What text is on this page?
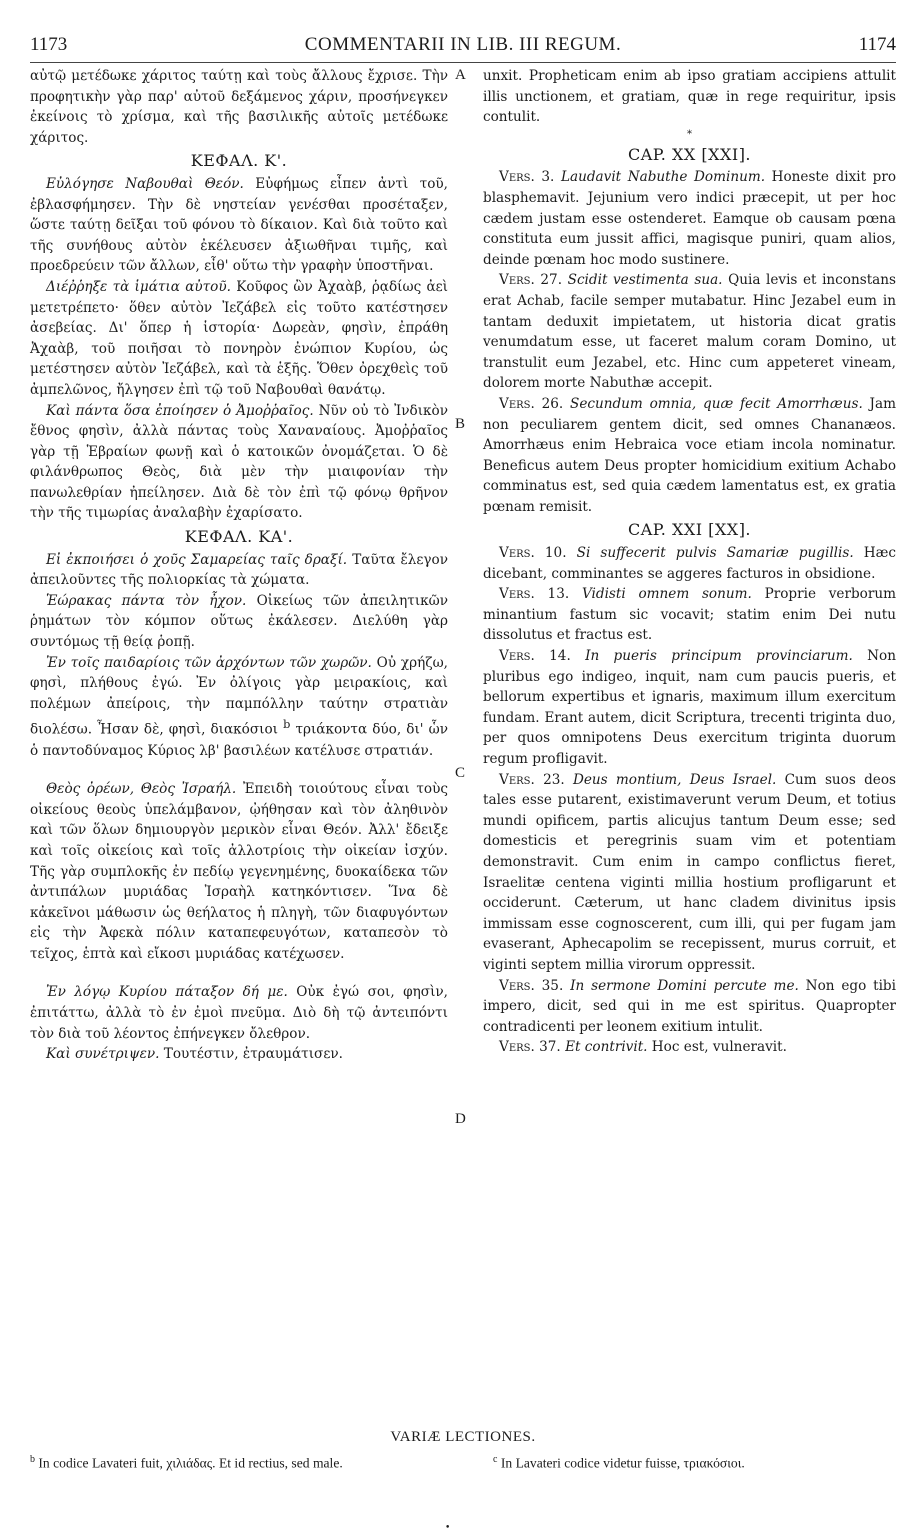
1173	COMMENTARII IN LIB. III REGUM.	1174

αὐτῷ μετέδωκε χάριτος ταύτῃ καὶ τοὺς ἄλλους ἔχρισε. Τὴν προφητικὴν γὰρ παρ' αὐτοῦ δεξάμενος χάριν, προσήνεγκεν ἐκείνοις τὸ χρίσμα, καὶ τῆς βασιλικῆς αὐτοῖς μετέδωκε χάριτος.

ΚΕΦΑΛ. Κ'.

Εὐλόγησε Ναβουθαὶ Θεόν. Εὐφήμως εἶπεν ἀντὶ τοῦ, ἐβλασφήμησεν. Τὴν δὲ νηστείαν γενέσθαι προσέταξεν, ὥστε ταύτῃ δεῖξαι τοῦ φόνου τὸ δίκαιον. Καὶ διὰ τοῦτο καὶ τῆς συνήθους αὐτὸν ἐκέλευσεν ἀξιωθῆναι τιμῆς, καὶ προεδρεύειν τῶν ἄλλων, εἶθ' οὕτω τὴν γραφὴν ὑποστῆναι.

Διέῤῥηξε τὰ ἱμάτια αὐτοῦ. Κοῦφος ὢν Ἀχαὰβ, ῥᾳδίως ἀεὶ μετετρέπετο· ὅθεν αὐτὸν Ἰεζάβελ εἰς τοῦτο κατέστησεν ἀσεβείας. Δι' ὅπερ ἡ ἱστορία· Δωρεὰν, φησὶν, ἐπράθη Ἀχαὰβ, τοῦ ποιῆσαι τὸ πονηρὸν ἐνώπιον Κυρίου, ὡς μετέστησεν αὐτὸν Ἰεζάβελ, καὶ τὰ ἑξῆς. Ὅθεν ὀρεχθεὶς τοῦ ἀμπελῶνος, ἤλγησεν ἐπὶ τῷ τοῦ Ναβουθαὶ θανάτῳ.

Καὶ πάντα ὅσα ἐποίησεν ὁ Ἀμοῤῥαῖος. Νῦν οὐ τὸ Ἰνδικὸν ἔθνος φησὶν, ἀλλὰ πάντας τοὺς Χαναναίους. Ἀμοῤῥαῖος γὰρ τῇ Ἑβραίων φωνῇ καὶ ὁ κατοικῶν ὀνομάζεται. Ὁ δὲ φιλάνθρωπος Θεὸς, διὰ μὲν τὴν μιαιφονίαν τὴν πανωλεθρίαν ἠπείλησεν. Διὰ δὲ τὸν ἐπὶ τῷ φόνῳ θρῆνον τὴν τῆς τιμωρίας ἀναλαβὴν ἐχαρίσατο.

ΚΕΦΑΛ. ΚΑ'.

Εἰ ἐκποιήσει ὁ χοῦς Σαμαρείας ταῖς δραξί. Ταῦτα ἔλεγον ἀπειλοῦντες τῆς πολιορκίας τὰ χώματα.

Ἑώρακας πάντα τὸν ἦχον. Οἰκείως τῶν ἀπειλητικῶν ῥημάτων τὸν κόμπον οὕτως ἐκάλεσεν. Διελύθη γὰρ συντόμως τῇ θείᾳ ῥοπῇ.

Ἐν τοῖς παιδαρίοις τῶν ἀρχόντων τῶν χωρῶν. Οὐ χρήζω, φησὶ, πλήθους ἐγώ. Ἐν ὀλίγοις γὰρ μειρακίοις, καὶ πολέμων ἀπείροις, τὴν παμπόλλην ταύτην στρατιὰν διολέσω. Ἦσαν δὲ, φησὶ, διακόσιοι $^b$ τριάκοντα δύο, δι' ὧν ὁ παντοδύναμος Κύριος λβ' βασιλέων κατέλυσε στρατιάν.

Θεὸς ὀρέων, Θεὸς Ἰσραήλ. Ἐπειδὴ τοιούτους εἶναι τοὺς οἰκείους θεοὺς ὑπελάμβανον, ᾠήθησαν καὶ τὸν ἀληθινὸν καὶ τῶν ὅλων δημιουργὸν μερικὸν εἶναι Θεόν. Ἀλλ' ἔδειξε καὶ τοῖς οἰκείοις καὶ τοῖς ἀλλοτρίοις τὴν οἰκείαν ἰσχύν. Τῆς γὰρ συμπλοκῆς ἐν πεδίῳ γεγενημένης, δυοκαίδεκα τῶν ἀντιπάλων μυριάδας Ἰσραὴλ κατηκόντισεν. Ἵνα δὲ κἀκεῖνοι μάθωσιν ὡς θεήλατος ἡ πληγὴ, τῶν διαφυγόντων εἰς τὴν Ἀφεκὰ πόλιν καταπεφευγότων, καταπεσὸν τὸ τεῖχος, ἑπτὰ καὶ εἴκοσι μυριάδας κατέχωσεν.

Ἐν λόγῳ Κυρίου πάταξον δή με. Οὐκ ἐγώ σοι, φησὶν, ἐπιτάττω, ἀλλὰ τὸ ἐν ἐμοὶ πνεῦμα. Διὸ δὴ τῷ ἀντειπόντι τὸν διὰ τοῦ λέοντος ἐπήνεγκεν ὄλεθρον.

Καὶ συνέτριψεν. Τουτέστιν, ἐτραυμάτισεν.

A
B
C
D

unxit. Propheticam enim ab ipso gratiam accipiens attulit illis unctionem, et gratiam, quæ in rege requiritur, ipsis contulit.

*
CAP. XX [XXI].

Vers. 3. Laudavit Nabuthe Dominum. Honeste dixit pro blasphemavit. Jejunium vero indici præcepit, ut per hoc cædem justam esse ostenderet. Eamque ob causam pœna constituta eum jussit affici, magisque puniri, quam alios, deinde pœnam hoc modo sustinere.

Vers. 27. Scidit vestimenta sua. Quia levis et inconstans erat Achab, facile semper mutabatur. Hinc Jezabel eum in tantam deduxit impietatem, ut historia dicat gratis venumdatum esse, ut faceret malum coram Domino, ut transtulit eum Jezabel, etc. Hinc cum appeteret vineam, dolorem morte Nabuthæ accepit.

Vers. 26. Secundum omnia, quæ fecit Amorrhæus. Jam non peculiarem gentem dicit, sed omnes Chananæos. Amorrhæus enim Hebraica voce etiam incola nominatur. Beneficus autem Deus propter homicidium exitium Achabo comminatus est, sed quia cædem lamentatus est, ex gratia pœnam remisit.

CAP. XXI [XX].

Vers. 10. Si suffecerit pulvis Samariæ pugillis. Hæc dicebant, comminantes se aggeres facturos in obsidione.

Vers. 13. Vidisti omnem sonum. Proprie verborum minantium fastum sic vocavit; statim enim Dei nutu dissolutus et fractus est.

Vers. 14. In pueris principum provinciarum. Non pluribus ego indigeo, inquit, nam cum paucis pueris, et bellorum expertibus et ignaris, maximum illum exercitum fundam. Erant autem, dicit Scriptura, trecenti triginta duo, per quos omnipotens Deus exercitum triginta duorum regum profligavit.

Vers. 23. Deus montium, Deus Israel. Cum suos deos tales esse putarent, existimaverunt verum Deum, et totius mundi opificem, partis alicujus tantum Deum esse; sed domesticis et peregrinis suam vim et potentiam demonstravit. Cum enim in campo conflictus fieret, Israelitæ centena viginti millia hostium profligarunt et occiderunt. Cæterum, ut hanc cladem divinitus ipsis immissam esse cognoscerent, cum illi, qui per fugam jam evaserant, Aphecapolim se recepissent, murus corruit, et viginti septem millia virorum oppressit.

Vers. 35. In sermone Domini percute me. Non ego tibi impero, dicit, sed qui in me est spiritus. Quapropter contradicenti per leonem exitium intulit.

Vers. 37. Et contrivit. Hoc est, vulneravit.

VARIÆ LECTIONES.
$^b$ In codice Lavateri fuit, χιλιάδας. Et id rectius, sed male.	$^c$ In Lavateri codice videtur fuisse, τριακόσιοι.
•
